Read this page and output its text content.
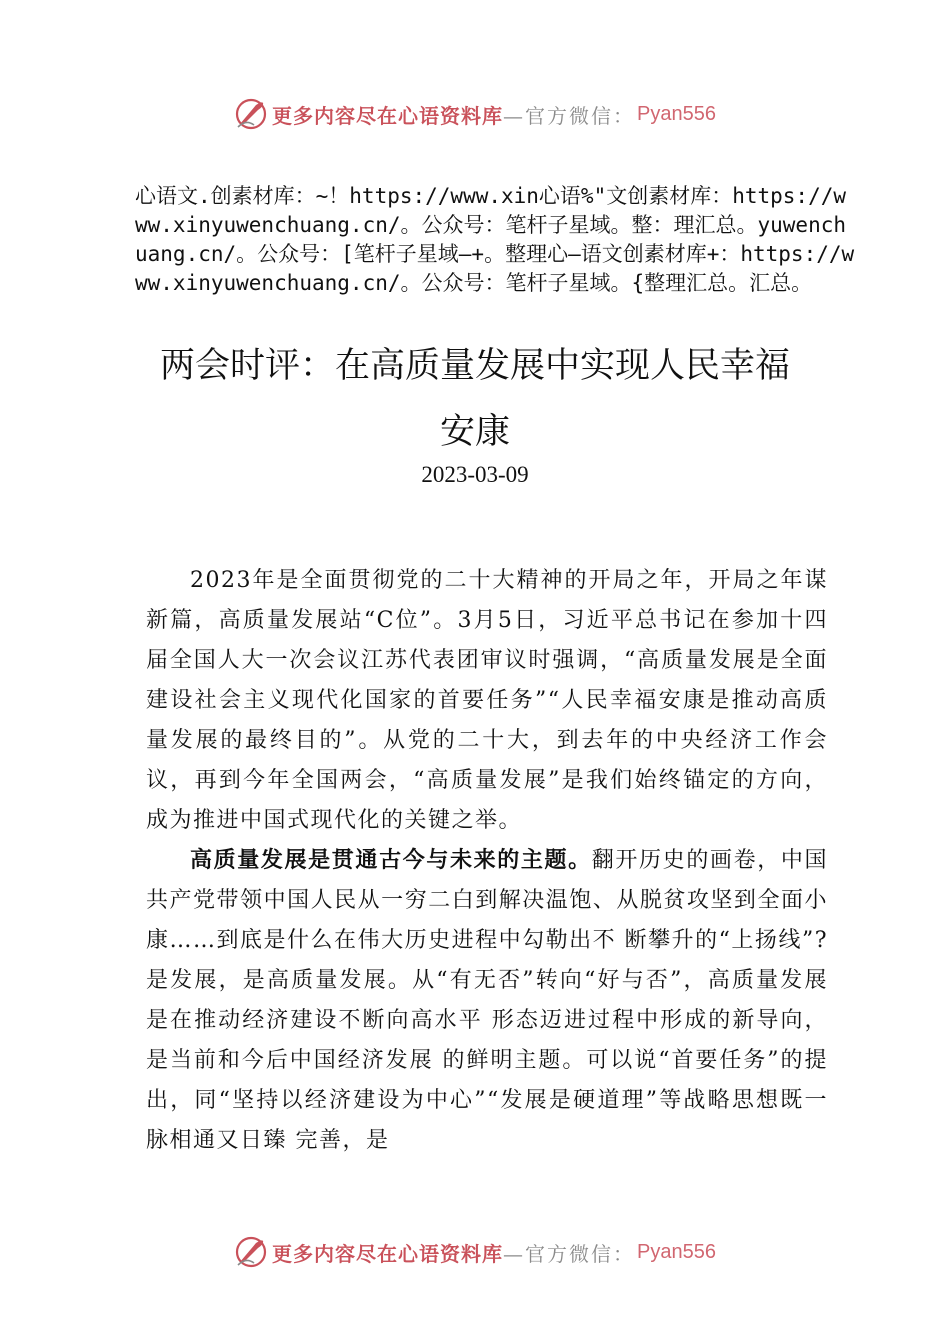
更多内容尽在心语资料库 —官方微信： Pyan556

心语文.创素材库：~！https://www.xin心语%"文创素材库：https://www.xinyuwenchuang.cn/。公众号：笔杆子星域。整：理汇总。yuwenchuang.cn/。公众号：[笔杆子星域—+。整理心—语文创素材库+：https://www.xinyuwenchuang.cn/。公众号：笔杆子星域。{整理汇总。汇总。

两会时评：在高质量发展中实现人民幸福安康
2023-03-09

2023年是全面贯彻党的二十大精神的开局之年，开局之年谋新篇，高质量发展站“C位”。3月5日，习近平总书记在参加十四届全国人大一次会议江苏代表团审议时强调，“高质量发展是全面建设社会主义现代化国家的首要任务”“人民幸福安康是推动高质量发展的最终目的”。从党的二十大，到去年的中央经济工作会议，再到今年全国两会，“高质量发展”是我们始终锚定的方向，成为推进中国式现代化的关键之举。

高质量发展是贯通古今与未来的主题。翻开历史的画卷，中国共产党带领中国人民从一穷二白到解决温饱、从脱贫攻坚到全面小康……到底是什么在伟大历史进程中勾勒出不 断攀升的“上扬线”?是发展，是高质量发展。从“有无否”转向“好与否”，高质量发展是在推动经济建设不断向高水平 形态迈进过程中形成的新导向，是当前和今后中国经济发展 的鲜明主题。可以说“首要任务”的提出，同“坚持以经济建设为中心”“发展是硬道理”等战略思想既一脉相通又日臻 完善，是

更多内容尽在心语资料库 —官方微信： Pyan556
